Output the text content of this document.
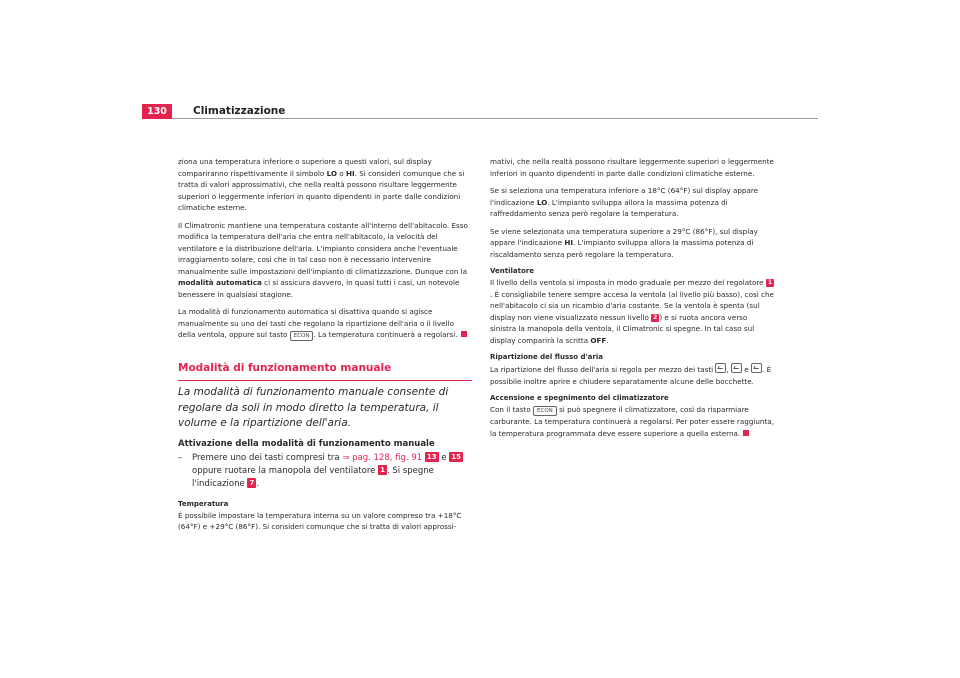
130	Climatizzazione

ziona una temperatura inferiore o superiore a questi valori, sul display compariranno rispettivamente il simbolo LO o HI. Si consideri comunque che si tratta di valori approssimativi, che nella realtà possono risultare leggermente superiori o leggermente inferiori in quanto dipendenti in parte dalle condizioni climatiche esterne.

Il Climatronic mantiene una temperatura costante all'interno dell'abitacolo. Esso modifica la temperatura dell'aria che entra nell'abitacolo, la velocità del ventilatore e la distribuzione dell'aria. L'impianto considera anche l'eventuale irraggiamento solare, così che in tal caso non è necessario intervenire manualmente sulle impostazioni dell'impianto di climatizzazione. Dunque con la modalità automatica ci si assicura davvero, in quasi tutti i casi, un notevole benessere in qualsiasi stagione.

La modalità di funzionamento automatica si disattiva quando si agisce manualmente su uno dei tasti che regolano la ripartizione dell'aria o il livello della ventola, oppure sul tasto ECON . La temperatura continuerà a regolarsi.

Modalità di funzionamento manuale
La modalità di funzionamento manuale consente di regolare da soli in modo diretto la temperatura, il volume e la ripartizione dell'aria.
Attivazione della modalità di funzionamento manuale
–	Premere uno dei tasti compresi tra ⇒ pag. 128, fig. 91 13 e 15 oppure ruotare la manopola del ventilatore 1 . Si spegne l'indicazione 7 .
Temperatura

È possibile impostare la temperatura interna su un valore compreso tra +18°C (64°F) e +29°C (86°F). Si consideri comunque che si tratta di valori approssi-

mativi, che nella realtà possono risultare leggermente superiori o leggermente inferiori in quanto dipendenti in parte dalle condizioni climatiche esterne.

Se si seleziona una temperatura inferiore a 18°C (64°F) sul display appare l'indicazione LO. L'impianto sviluppa allora la massima potenza di raffreddamento senza però regolare la temperatura.

Se viene selezionata una temperatura superiore a 29°C (86°F), sul display appare l'indicazione HI. L'impianto sviluppa allora la massima potenza di riscaldamento senza però regolare la temperatura.

Ventilatore

Il livello della ventola si imposta in modo graduale per mezzo del regolatore 1. È consigliabile tenere sempre accesa la ventola (al livello più basso), così che nell'abitacolo ci sia un ricambio d'aria costante. Se la ventola è spenta (sul display non viene visualizzato nessun livello 2 ) e si ruota ancora verso sinistra la manopola della ventola, il Climatronic si spegne. In tal caso sul display comparirà la scritta OFF.

Ripartizione del flusso d'aria

La ripartizione del flusso dell'aria si regola per mezzo dei tasti ,  e . È possibile inoltre aprire e chiudere separatamente alcune delle bocchette.

Accensione e spegnimento del climatizzatore

Con il tasto ECON si può spegnere il climatizzatore, così da risparmiare carburante. La temperatura continuerà a regolarsi. Per poter essere raggiunta, la temperatura programmata deve essere superiore a quella esterna.
